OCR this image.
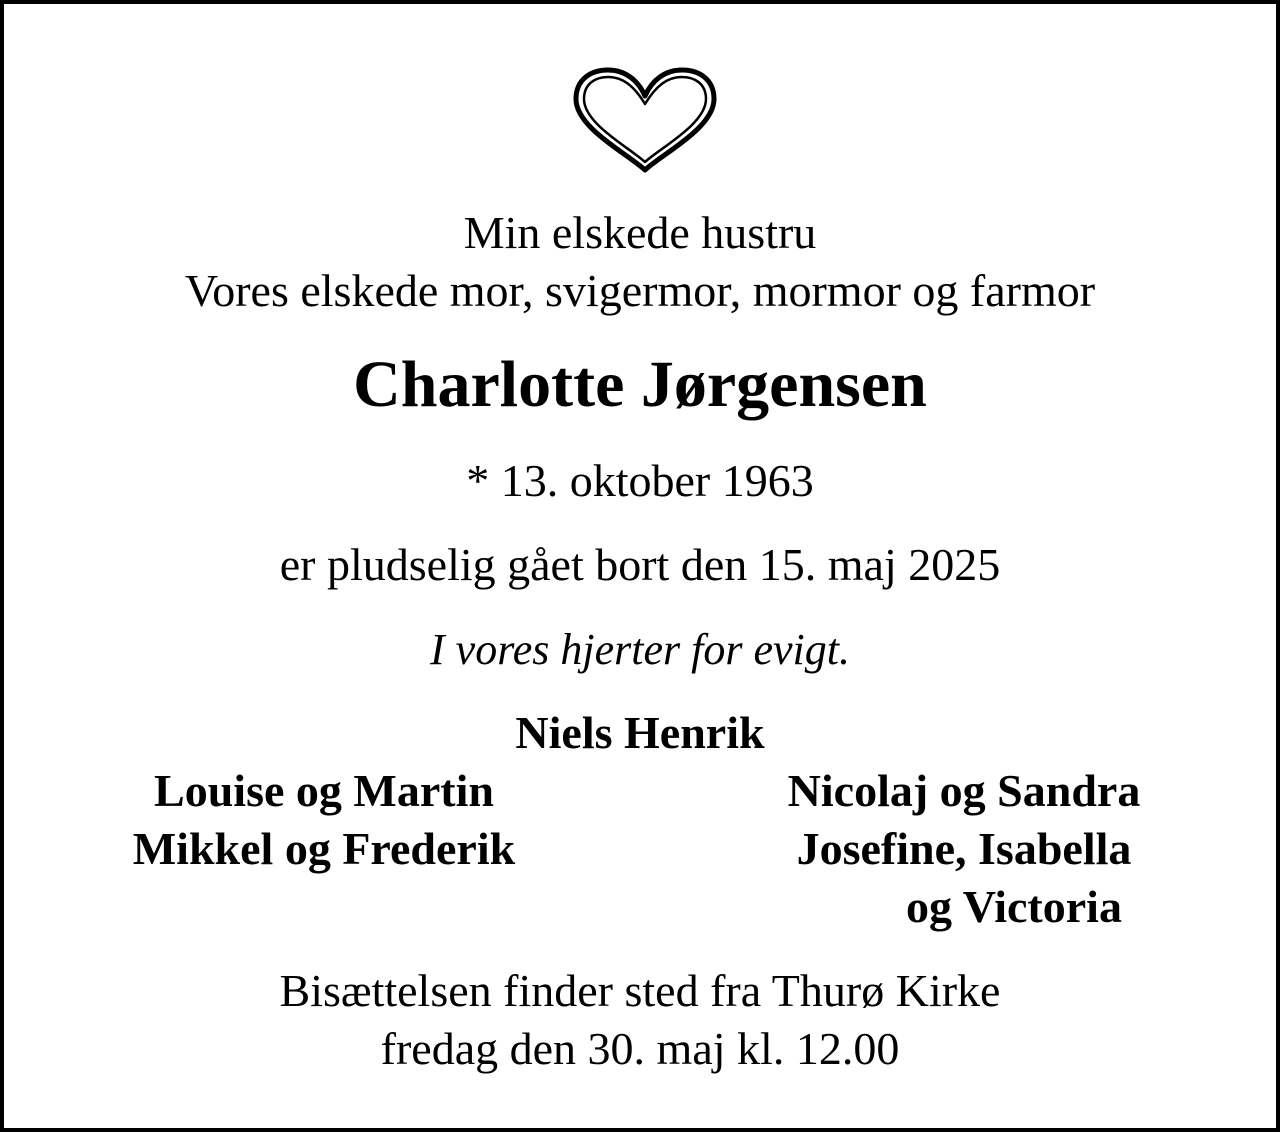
Min elskede hustru
Vores elskede mor, svigermor, mormor og farmor
Charlotte Jørgensen
* 13. oktober 1963
er pludselig gået bort den 15. maj 2025
I vores hjerter for evigt.
Niels Henrik
Louise og Martin
Mikkel og Frederik
Nicolaj og Sandra
Josefine, Isabella
og Victoria
Bisættelsen finder sted fra Thurø Kirke
fredag den 30. maj kl. 12.00
